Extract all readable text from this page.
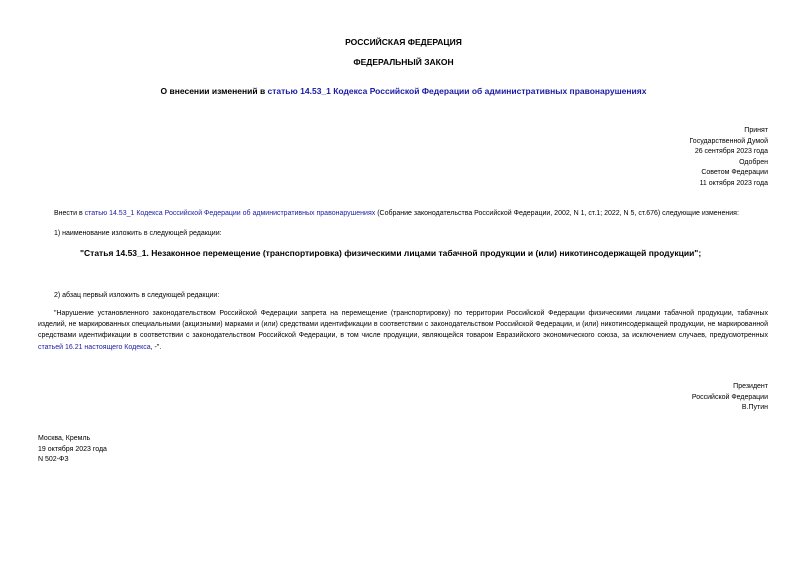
РОССИЙСКАЯ ФЕДЕРАЦИЯ
ФЕДЕРАЛЬНЫЙ ЗАКОН
О внесении изменений в статью 14.53_1 Кодекса Российской Федерации об административных правонарушениях
Принят
Государственной Думой
26 сентября 2023 года
Одобрен
Советом Федерации
11 октября 2023 года
Внести в статью 14.53_1 Кодекса Российской Федерации об административных правонарушениях (Собрание законодательства Российской Федерации, 2002, N 1, ст.1; 2022, N 5, ст.676) следующие изменения:
1) наименование изложить в следующей редакции:
"Статья 14.53_1. Незаконное перемещение (транспортировка) физическими лицами табачной продукции и (или) никотинсодержащей продукции";
2) абзац первый изложить в следующей редакции:
"Нарушение установленного законодательством Российской Федерации запрета на перемещение (транспортировку) по территории Российской Федерации физическими лицами табачной продукции, табачных изделий, не маркированных специальными (акцизными) марками и (или) средствами идентификации в соответствии с законодательством Российской Федерации, и (или) никотинсодержащей продукции, не маркированной средствами идентификации в соответствии с законодательством Российской Федерации, в том числе продукции, являющейся товаром Евразийского экономического союза, за исключением случаев, предусмотренных статьей 16.21 настоящего Кодекса, -".
Президент
Российской Федерации
В.Путин
Москва, Кремль
19 октября 2023 года
N 502-ФЗ
